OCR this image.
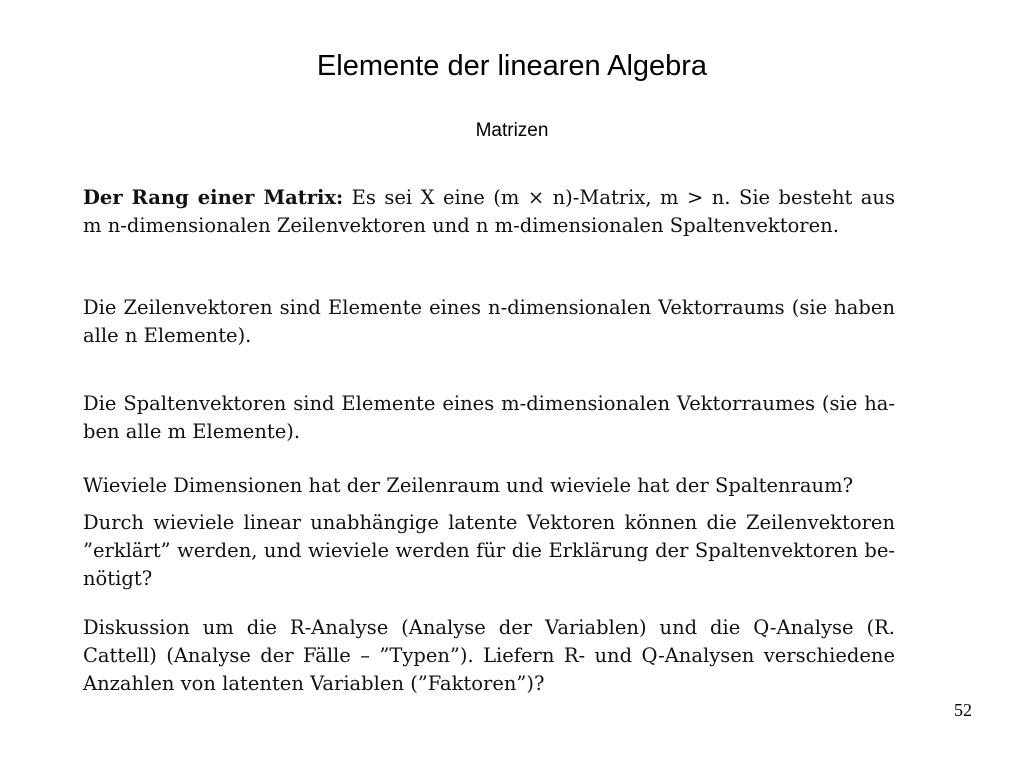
Elemente der linearen Algebra
Matrizen
Der Rang einer Matrix: Es sei X eine (m × n)-Matrix, m > n. Sie besteht aus
m n-dimensionalen Zeilenvektoren und n m-dimensionalen Spaltenvektoren.
Die Zeilenvektoren sind Elemente eines n-dimensionalen Vektorraums (sie haben
alle n Elemente).
Die Spaltenvektoren sind Elemente eines m-dimensionalen Vektorraumes (sie ha-
ben alle m Elemente).
Wieviele Dimensionen hat der Zeilenraum und wieviele hat der Spaltenraum?
Durch wieviele linear unabhängige latente Vektoren können die Zeilenvektoren
”erklärt” werden, und wieviele werden für die Erklärung der Spaltenvektoren be-
nötigt?
Diskussion um die R-Analyse (Analyse der Variablen) und die Q-Analyse (R.
Cattell) (Analyse der Fälle – ”Typen”). Liefern R- und Q-Analysen verschiedene
Anzahlen von latenten Variablen (”Faktoren”)?
52
